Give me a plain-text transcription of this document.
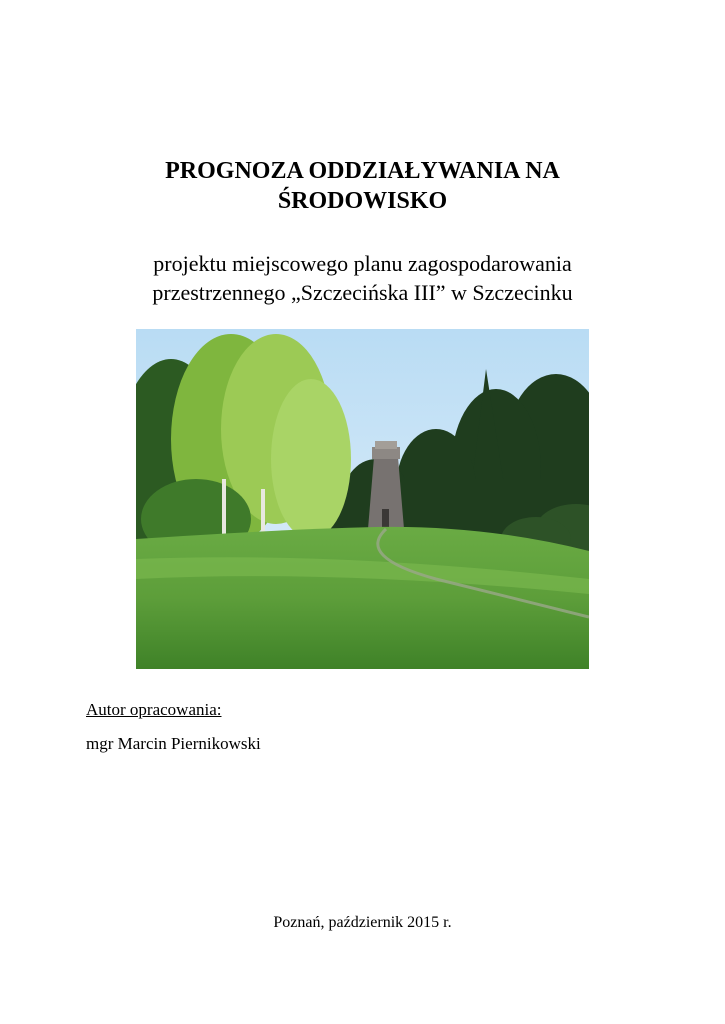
PROGNOZA ODDZIAŁYWANIA NA
ŚRODOWISKO

projektu miejscowego planu zagospodarowania

przestrzennego „Szczecińska III” w Szczecinku

Autor opracowania:

mgr Marcin Piernikowski

Poznań, październik 2015 r.
